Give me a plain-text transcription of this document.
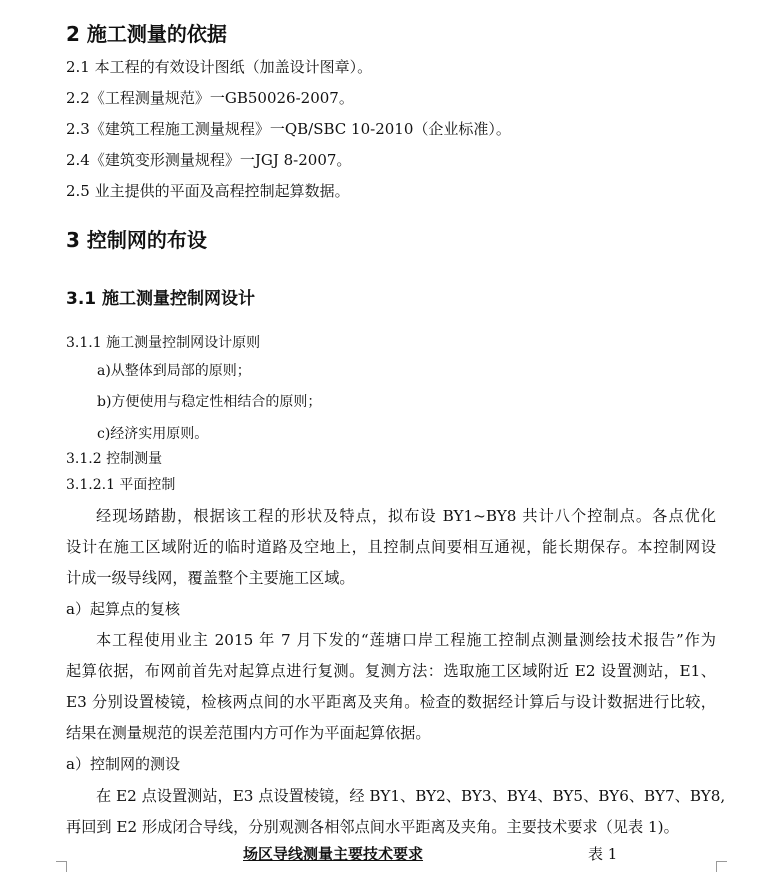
2 施工测量的依据
2.1 本工程的有效设计图纸（加盖设计图章）。
2.2《工程测量规范》一GB50026-2007。
2.3《建筑工程施工测量规程》一QB/SBC 10-2010（企业标准）。
2.4《建筑变形测量规程》一JGJ 8-2007。
2.5 业主提供的平面及高程控制起算数据。
3 控制网的布设
3.1 施工测量控制网设计
3.1.1 施工测量控制网设计原则
a)从整体到局部的原则；
b)方便使用与稳定性相结合的原则；
c)经济实用原则。
3.1.2 控制测量
3.1.2.1 平面控制
经现场踏勘，根据该工程的形状及特点，拟布设 BY1~BY8 共计八个控制点。各点优化
设计在施工区域附近的临时道路及空地上，且控制点间要相互通视，能长期保存。本控制网设
计成一级导线网，覆盖整个主要施工区域。
a）起算点的复核
本工程使用业主 2015 年 7 月下发的“莲塘口岸工程施工控制点测量测绘技术报告”作为
起算依据，布网前首先对起算点进行复测。复测方法：选取施工区域附近 E2 设置测站，E1、
E3 分别设置棱镜，检核两点间的水平距离及夹角。检查的数据经计算后与设计数据进行比较，
结果在测量规范的误差范围内方可作为平面起算依据。
a）控制网的测设
在 E2 点设置测站，E3 点设置棱镜，经 BY1、BY2、BY3、BY4、BY5、BY6、BY7、BY8,
再回到 E2 形成闭合导线，分别观测各相邻点间水平距离及夹角。主要技术要求（见表 1)。
场区导线测量主要技术要求	表 1
